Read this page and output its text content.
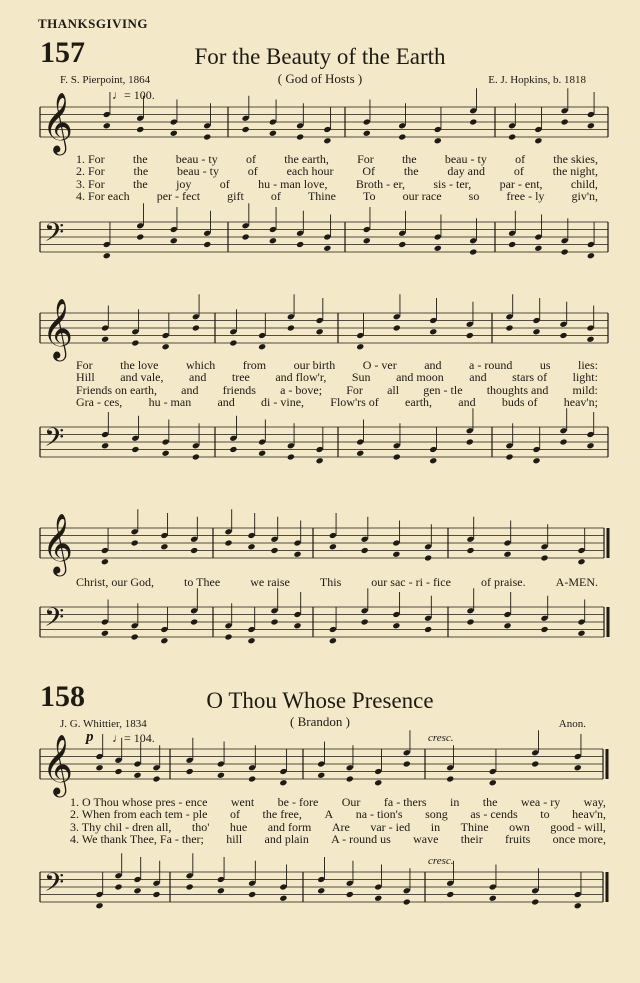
THANKSGIVING
157	For the Beauty of the Earth
( God of Hosts )
F. S. Pierpoint, 1864	E. J. Hopkins, b. 1818
♩= 100.
𝄞
𝄢
𝄞
𝄢
𝄞
𝄢
𝄞
𝄢
1. For the beau - ty of the earth, For the beau - ty of the skies,
2. For the beau - ty of each hour Of the day and of the night,
3. For the joy of hu - man love, Broth - er, sis - ter, par - ent, child,
4. For each per - fect gift of Thine To our race so free - ly giv'n,
For the love which from our birth O - ver and a - round us lies:
Hill and vale, and tree and flow'r, Sun and moon and stars of light:
Friends on earth, and friends a - bove; For all gen - tle thoughts and mild:
Gra - ces, hu - man and di - vine, Flow'rs of earth, and buds of heav'n;
Christ, our God,	to Thee	we raise	This	our sac - ri - fice	of praise.	A-MEN.
158	O Thou Whose Presence
( Brandon )
J. G. Whittier, 1834	Anon.
p ♩= 104.	cresc.
cresc.
1. O Thou whose pres - ence went be - fore Our fa - thers in the wea - ry way,
2. When from each tem - ple of the free, A na - tion's song as - cends to heav'n,
3. Thy chil - dren all, tho' hue and form Are var - ied in Thine own good - will,
4. We thank Thee, Fa - ther; hill and plain A - round us wave their fruits once more,
